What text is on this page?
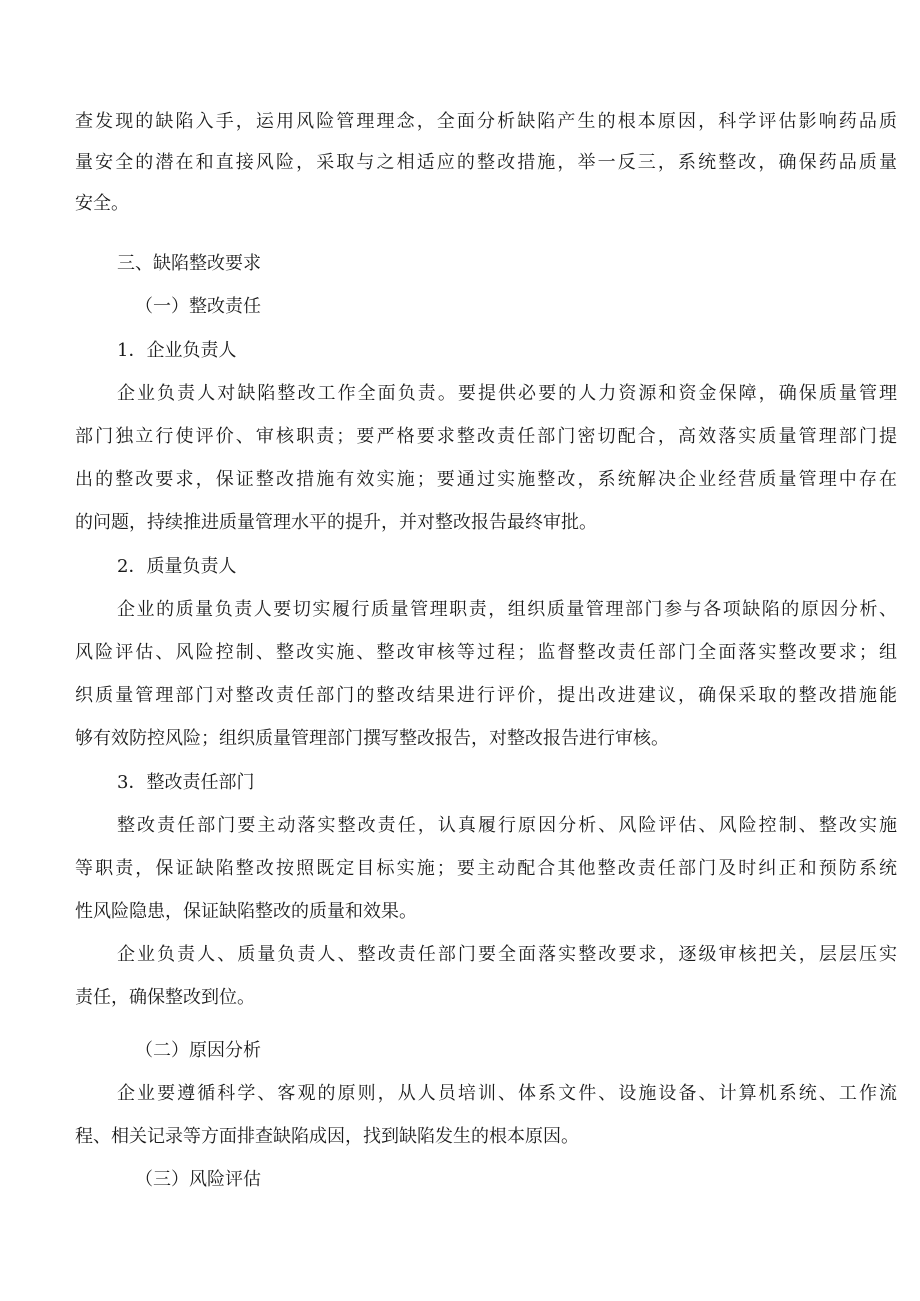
查发现的缺陷入手，运用风险管理理念，全面分析缺陷产生的根本原因，科学评估影响药品质

量安全的潜在和直接风险，采取与之相适应的整改措施，举一反三，系统整改，确保药品质量

安全。

三、缺陷整改要求

（一）整改责任

1．企业负责人

企业负责人对缺陷整改工作全面负责。要提供必要的人力资源和资金保障，确保质量管理

部门独立行使评价、审核职责；要严格要求整改责任部门密切配合，高效落实质量管理部门提

出的整改要求，保证整改措施有效实施；要通过实施整改，系统解决企业经营质量管理中存在

的问题，持续推进质量管理水平的提升，并对整改报告最终审批。

2．质量负责人

企业的质量负责人要切实履行质量管理职责，组织质量管理部门参与各项缺陷的原因分析、

风险评估、风险控制、整改实施、整改审核等过程；监督整改责任部门全面落实整改要求；组

织质量管理部门对整改责任部门的整改结果进行评价，提出改进建议，确保采取的整改措施能

够有效防控风险；组织质量管理部门撰写整改报告，对整改报告进行审核。

3．整改责任部门

整改责任部门要主动落实整改责任，认真履行原因分析、风险评估、风险控制、整改实施

等职责，保证缺陷整改按照既定目标实施；要主动配合其他整改责任部门及时纠正和预防系统

性风险隐患，保证缺陷整改的质量和效果。

企业负责人、质量负责人、整改责任部门要全面落实整改要求，逐级审核把关，层层压实

责任，确保整改到位。

（二）原因分析

企业要遵循科学、客观的原则，从人员培训、体系文件、设施设备、计算机系统、工作流

程、相关记录等方面排查缺陷成因，找到缺陷发生的根本原因。

（三）风险评估
